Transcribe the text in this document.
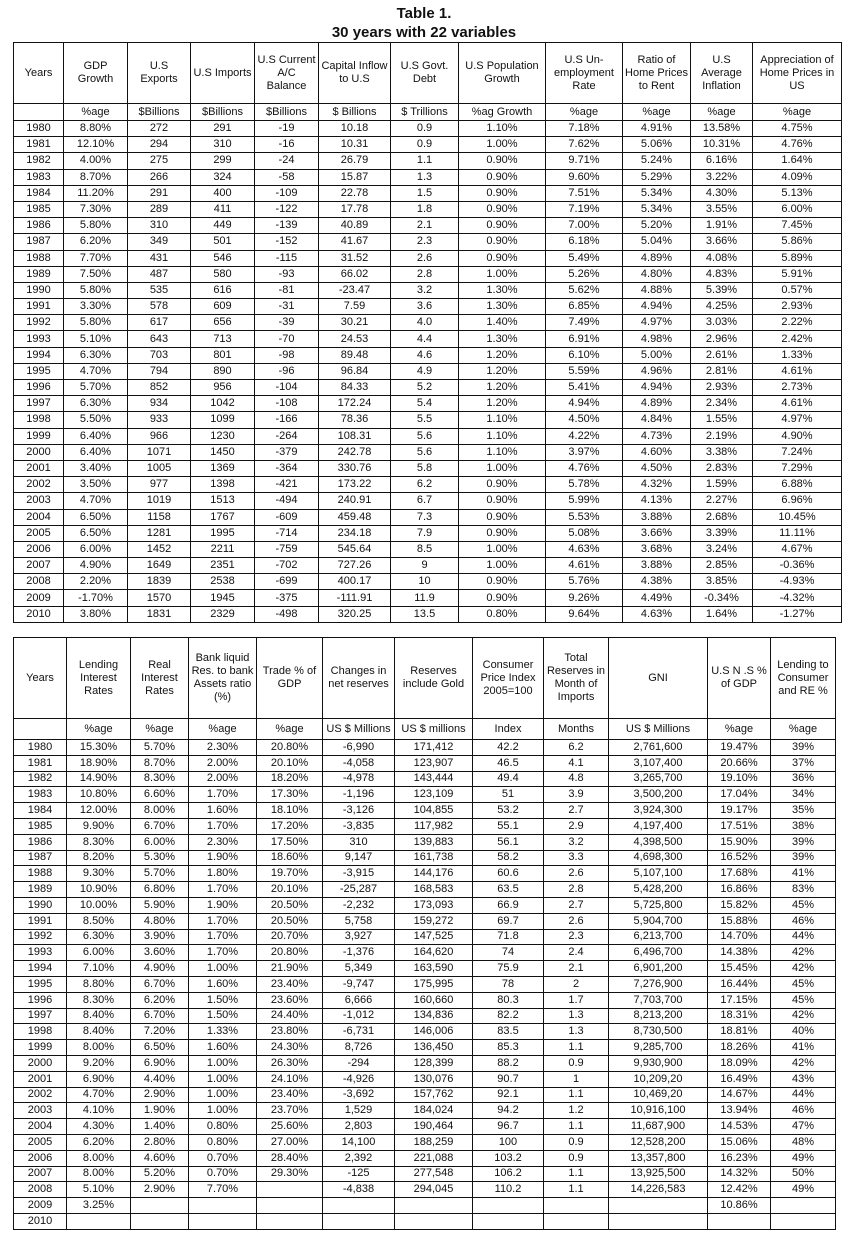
Table 1.
30 years with 22 variables
Years	GDP Growth	U.S Exports	U.S Imports	U.S Current A/C Balance	Capital Inflow to U.S	U.S Govt. Debt	U.S Population Growth	U.S Un-employment Rate	Ratio of Home Prices to Rent	U.S Average Inflation	Appreciation of Home Prices in US
	%age	$Billions	$Billions	$Billions	$ Billions	$ Trillions	%ag Growth	%age	%age	%age	%age
1980	8.80%	272	291	-19	10.18	0.9	1.10%	7.18%	4.91%	13.58%	4.75%
1981	12.10%	294	310	-16	10.31	0.9	1.00%	7.62%	5.06%	10.31%	4.76%
1982	4.00%	275	299	-24	26.79	1.1	0.90%	9.71%	5.24%	6.16%	1.64%
1983	8.70%	266	324	-58	15.87	1.3	0.90%	9.60%	5.29%	3.22%	4.09%
1984	11.20%	291	400	-109	22.78	1.5	0.90%	7.51%	5.34%	4.30%	5.13%
1985	7.30%	289	411	-122	17.78	1.8	0.90%	7.19%	5.34%	3.55%	6.00%
1986	5.80%	310	449	-139	40.89	2.1	0.90%	7.00%	5.20%	1.91%	7.45%
1987	6.20%	349	501	-152	41.67	2.3	0.90%	6.18%	5.04%	3.66%	5.86%
1988	7.70%	431	546	-115	31.52	2.6	0.90%	5.49%	4.89%	4.08%	5.89%
1989	7.50%	487	580	-93	66.02	2.8	1.00%	5.26%	4.80%	4.83%	5.91%
1990	5.80%	535	616	-81	-23.47	3.2	1.30%	5.62%	4.88%	5.39%	0.57%
1991	3.30%	578	609	-31	7.59	3.6	1.30%	6.85%	4.94%	4.25%	2.93%
1992	5.80%	617	656	-39	30.21	4.0	1.40%	7.49%	4.97%	3.03%	2.22%
1993	5.10%	643	713	-70	24.53	4.4	1.30%	6.91%	4.98%	2.96%	2.42%
1994	6.30%	703	801	-98	89.48	4.6	1.20%	6.10%	5.00%	2.61%	1.33%
1995	4.70%	794	890	-96	96.84	4.9	1.20%	5.59%	4.96%	2.81%	4.61%
1996	5.70%	852	956	-104	84.33	5.2	1.20%	5.41%	4.94%	2.93%	2.73%
1997	6.30%	934	1042	-108	172.24	5.4	1.20%	4.94%	4.89%	2.34%	4.61%
1998	5.50%	933	1099	-166	78.36	5.5	1.10%	4.50%	4.84%	1.55%	4.97%
1999	6.40%	966	1230	-264	108.31	5.6	1.10%	4.22%	4.73%	2.19%	4.90%
2000	6.40%	1071	1450	-379	242.78	5.6	1.10%	3.97%	4.60%	3.38%	7.24%
2001	3.40%	1005	1369	-364	330.76	5.8	1.00%	4.76%	4.50%	2.83%	7.29%
2002	3.50%	977	1398	-421	173.22	6.2	0.90%	5.78%	4.32%	1.59%	6.88%
2003	4.70%	1019	1513	-494	240.91	6.7	0.90%	5.99%	4.13%	2.27%	6.96%
2004	6.50%	1158	1767	-609	459.48	7.3	0.90%	5.53%	3.88%	2.68%	10.45%
2005	6.50%	1281	1995	-714	234.18	7.9	0.90%	5.08%	3.66%	3.39%	11.11%
2006	6.00%	1452	2211	-759	545.64	8.5	1.00%	4.63%	3.68%	3.24%	4.67%
2007	4.90%	1649	2351	-702	727.26	9	1.00%	4.61%	3.88%	2.85%	-0.36%
2008	2.20%	1839	2538	-699	400.17	10	0.90%	5.76%	4.38%	3.85%	-4.93%
2009	-1.70%	1570	1945	-375	-111.91	11.9	0.90%	9.26%	4.49%	-0.34%	-4.32%
2010	3.80%	1831	2329	-498	320.25	13.5	0.80%	9.64%	4.63%	1.64%	-1.27%
Years	Lending Interest Rates	Real Interest Rates	Bank liquid Res. to bank Assets ratio (%)	Trade % of GDP	Changes in net reserves	Reserves include Gold	Consumer Price Index 2005=100	Total Reserves in Month of Imports	GNI	U.S N .S % of GDP	Lending to Consumer and RE %
	%age	%age	%age	%age	US $ Millions	US $ millions	Index	Months	US $ Millions	%age	%age
1980	15.30%	5.70%	2.30%	20.80%	-6,990	171,412	42.2	6.2	2,761,600	19.47%	39%
1981	18.90%	8.70%	2.00%	20.10%	-4,058	123,907	46.5	4.1	3,107,400	20.66%	37%
1982	14.90%	8.30%	2.00%	18.20%	-4,978	143,444	49.4	4.8	3,265,700	19.10%	36%
1983	10.80%	6.60%	1.70%	17.30%	-1,196	123,109	51	3.9	3,500,200	17.04%	34%
1984	12.00%	8.00%	1.60%	18.10%	-3,126	104,855	53.2	2.7	3,924,300	19.17%	35%
1985	9.90%	6.70%	1.70%	17.20%	-3,835	117,982	55.1	2.9	4,197,400	17.51%	38%
1986	8.30%	6.00%	2.30%	17.50%	310	139,883	56.1	3.2	4,398,500	15.90%	39%
1987	8.20%	5.30%	1.90%	18.60%	9,147	161,738	58.2	3.3	4,698,300	16.52%	39%
1988	9.30%	5.70%	1.80%	19.70%	-3,915	144,176	60.6	2.6	5,107,100	17.68%	41%
1989	10.90%	6.80%	1.70%	20.10%	-25,287	168,583	63.5	2.8	5,428,200	16.86%	83%
1990	10.00%	5.90%	1.90%	20.50%	-2,232	173,093	66.9	2.7	5,725,800	15.82%	45%
1991	8.50%	4.80%	1.70%	20.50%	5,758	159,272	69.7	2.6	5,904,700	15.88%	46%
1992	6.30%	3.90%	1.70%	20.70%	3,927	147,525	71.8	2.3	6,213,700	14.70%	44%
1993	6.00%	3.60%	1.70%	20.80%	-1,376	164,620	74	2.4	6,496,700	14.38%	42%
1994	7.10%	4.90%	1.00%	21.90%	5,349	163,590	75.9	2.1	6,901,200	15.45%	42%
1995	8.80%	6.70%	1.60%	23.40%	-9,747	175,995	78	2	7,276,900	16.44%	45%
1996	8.30%	6.20%	1.50%	23.60%	6,666	160,660	80.3	1.7	7,703,700	17.15%	45%
1997	8.40%	6.70%	1.50%	24.40%	-1,012	134,836	82.2	1.3	8,213,200	18.31%	42%
1998	8.40%	7.20%	1.33%	23.80%	-6,731	146,006	83.5	1.3	8,730,500	18.81%	40%
1999	8.00%	6.50%	1.60%	24.30%	8,726	136,450	85.3	1.1	9,285,700	18.26%	41%
2000	9.20%	6.90%	1.00%	26.30%	-294	128,399	88.2	0.9	9,930,900	18.09%	42%
2001	6.90%	4.40%	1.00%	24.10%	-4,926	130,076	90.7	1	10,209,20	16.49%	43%
2002	4.70%	2.90%	1.00%	23.40%	-3,692	157,762	92.1	1.1	10,469,20	14.67%	44%
2003	4.10%	1.90%	1.00%	23.70%	1,529	184,024	94.2	1.2	10,916,100	13.94%	46%
2004	4.30%	1.40%	0.80%	25.60%	2,803	190,464	96.7	1.1	11,687,900	14.53%	47%
2005	6.20%	2.80%	0.80%	27.00%	14,100	188,259	100	0.9	12,528,200	15.06%	48%
2006	8.00%	4.60%	0.70%	28.40%	2,392	221,088	103.2	0.9	13,357,800	16.23%	49%
2007	8.00%	5.20%	0.70%	29.30%	-125	277,548	106.2	1.1	13,925,500	14.32%	50%
2008	5.10%	2.90%	7.70%		-4,838	294,045	110.2	1.1	14,226,583	12.42%	49%
2009	3.25%									10.86%	
2010											
